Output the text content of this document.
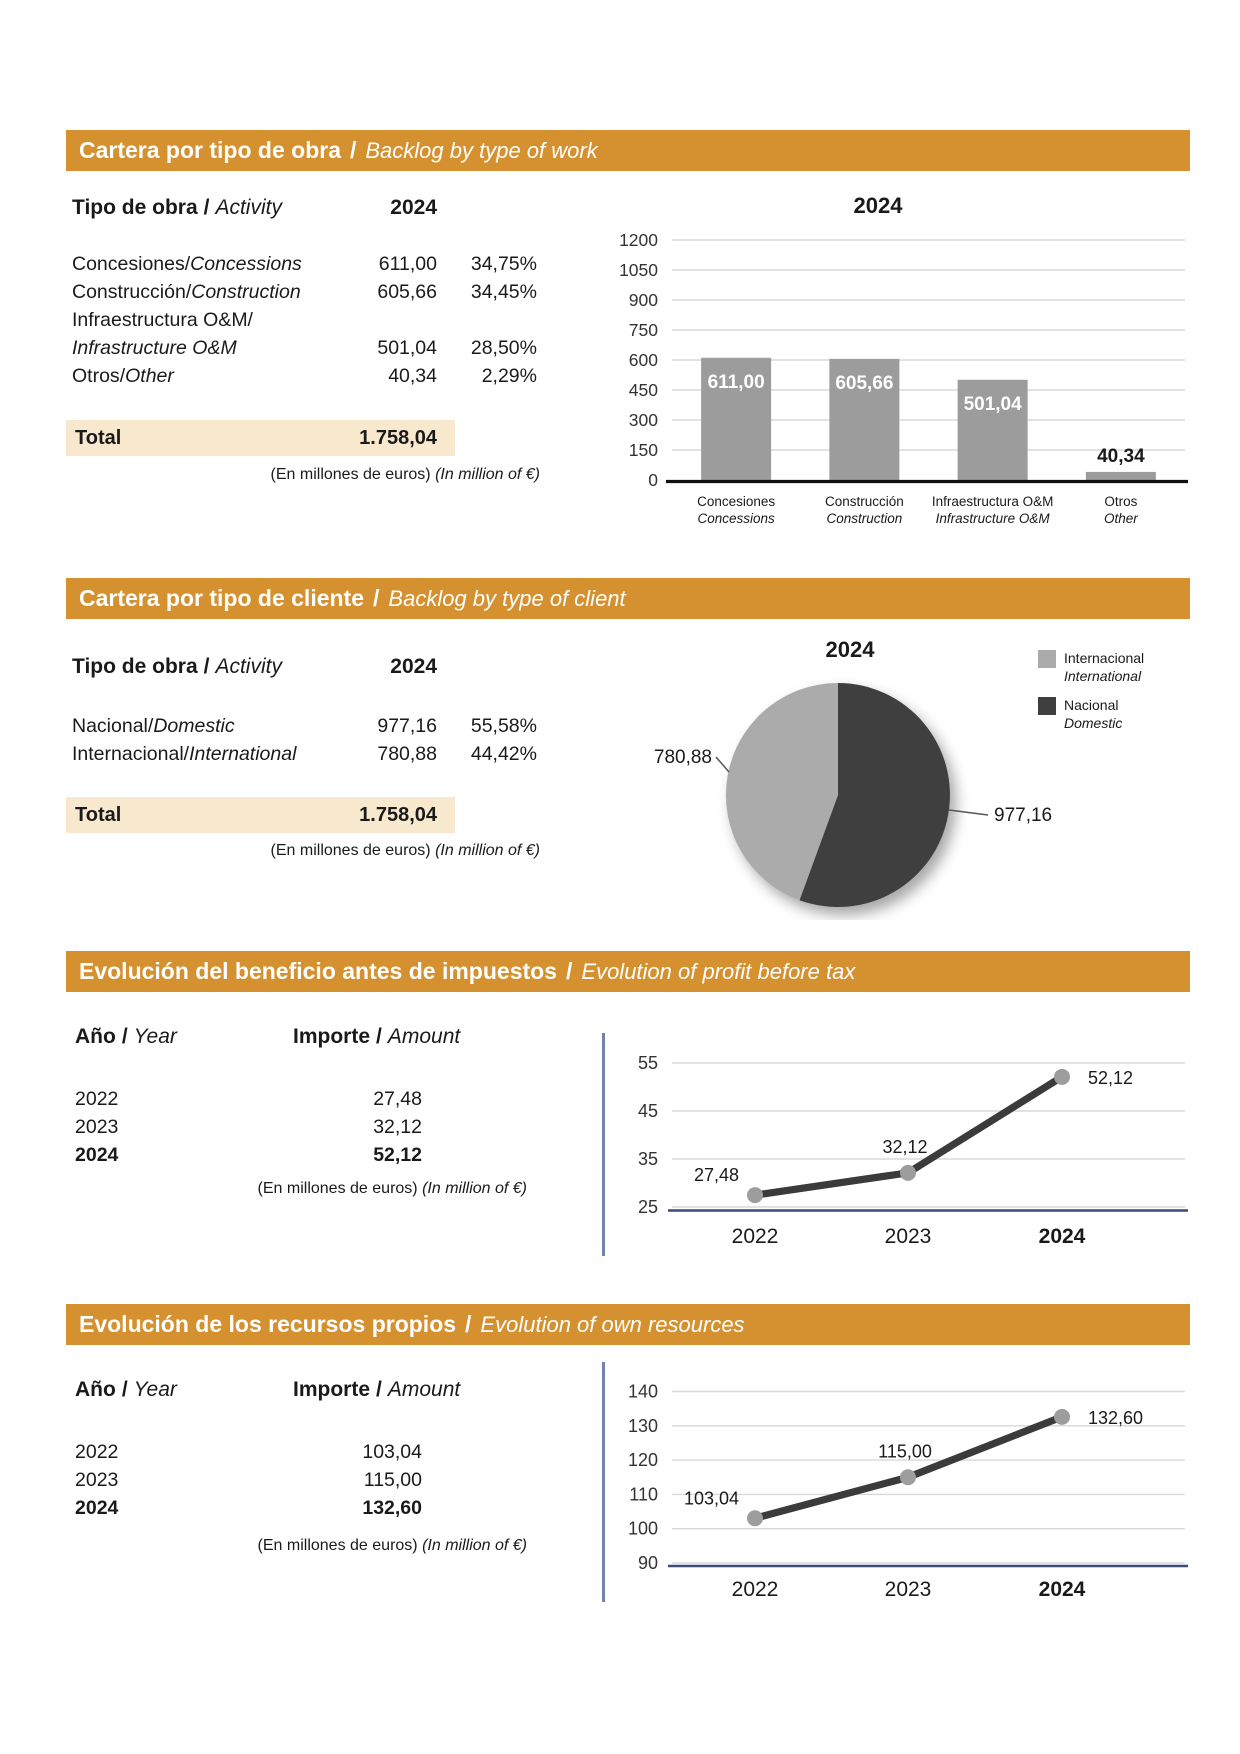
Cartera por tipo de obra / Backlog by type of work
Tipo de obra / Activity	2024
Concesiones/Concessions	611,00	34,75%
Construcción/Construction	605,66	34,45%
Infraestructura O&M/
Infrastructure O&M	501,04	28,50%
Otros/Other	40,34	2,29%
Total	1.758,04
(En millones de euros) (In million of €)
2024
0
150
300
450
600
750
900
1050
1200
611,00
Concesiones
Concessions
605,66
Construcción
Construction
501,04
Infraestructura O&M
Infrastructure O&M
40,34
Otros
Other
Cartera por tipo de cliente / Backlog by type of client
Tipo de obra / Activity	2024
Nacional/Domestic	977,16	55,58%
Internacional/International	780,88	44,42%
Total	1.758,04
(En millones de euros) (In million of €)
2024
977,16
780,88
Internacional
International
Nacional
Domestic
Evolución del beneficio antes de impuestos / Evolution of profit before tax
Año / Year	Importe / Amount
2022	27,48
2023	32,12
2024	52,12
(En millones de euros) (In million of €)
25
35
45
55
27,48
32,12
52,12
2022	2023	2024
Evolución de los recursos propios / Evolution of own resources
Año / Year	Importe / Amount
2022	103,04
2023	115,00
2024	132,60
(En millones de euros) (In million of €)
90
100
110
120
130
140
103,04
115,00
132,60
2022	2023	2024
